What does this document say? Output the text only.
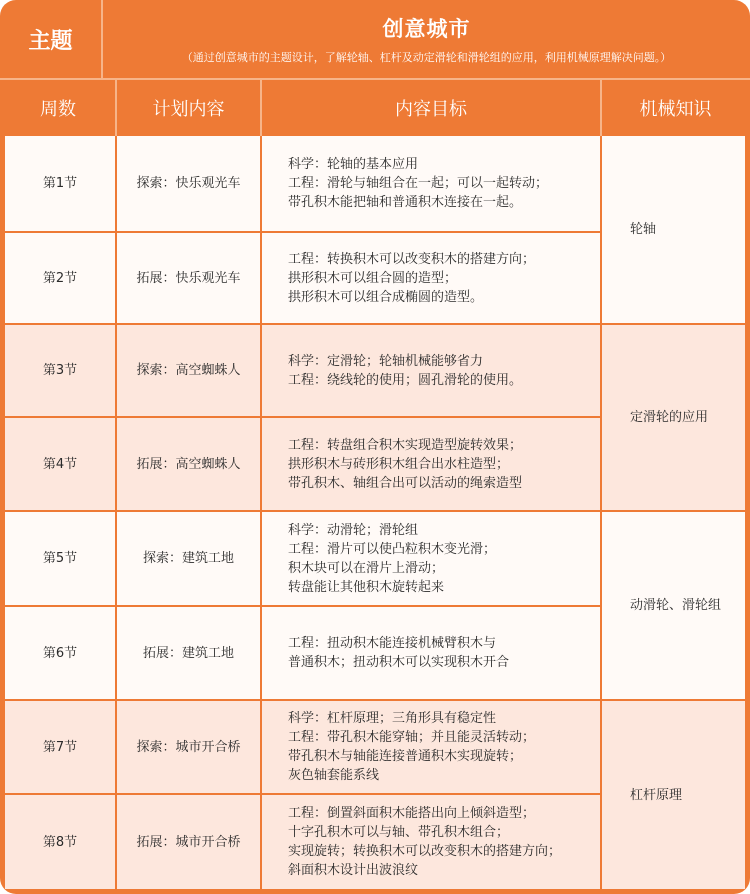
主题	创意城市
（通过创意城市的主题设计，了解轮轴、杠杆及动定滑轮和滑轮组的应用，利用机械原理解决问题。）
周数	计划内容	内容目标	机械知识
第1节	探索：快乐观光车
科学：轮轴的基本应用
工程：滑轮与轴组合在一起；可以一起转动；
带孔积木能把轴和普通积木连接在一起。
第2节	拓展：快乐观光车
工程：转换积木可以改变积木的搭建方向；
拱形积木可以组合圆的造型；
拱形积木可以组合成椭圆的造型。
轮轴
第3节	探索：高空蜘蛛人
科学：定滑轮；轮轴机械能够省力
工程：绕线轮的使用；圆孔滑轮的使用。
第4节	拓展：高空蜘蛛人
工程：转盘组合积木实现造型旋转效果；
拱形积木与砖形积木组合出水柱造型；
带孔积木、轴组合出可以活动的绳索造型
定滑轮的应用
第5节	探索：建筑工地
科学：动滑轮；滑轮组
工程：滑片可以使凸粒积木变光滑；
积木块可以在滑片上滑动；
转盘能让其他积木旋转起来
第6节	拓展：建筑工地
工程：扭动积木能连接机械臂积木与
普通积木；扭动积木可以实现积木开合
动滑轮、滑轮组
第7节	探索：城市开合桥
科学：杠杆原理；三角形具有稳定性
工程：带孔积木能穿轴；并且能灵活转动；
带孔积木与轴能连接普通积木实现旋转；
灰色轴套能系线
第8节	拓展：城市开合桥
工程：倒置斜面积木能搭出向上倾斜造型；
十字孔积木可以与轴、带孔积木组合；
实现旋转；转换积木可以改变积木的搭建方向；
斜面积木设计出波浪纹
杠杆原理
